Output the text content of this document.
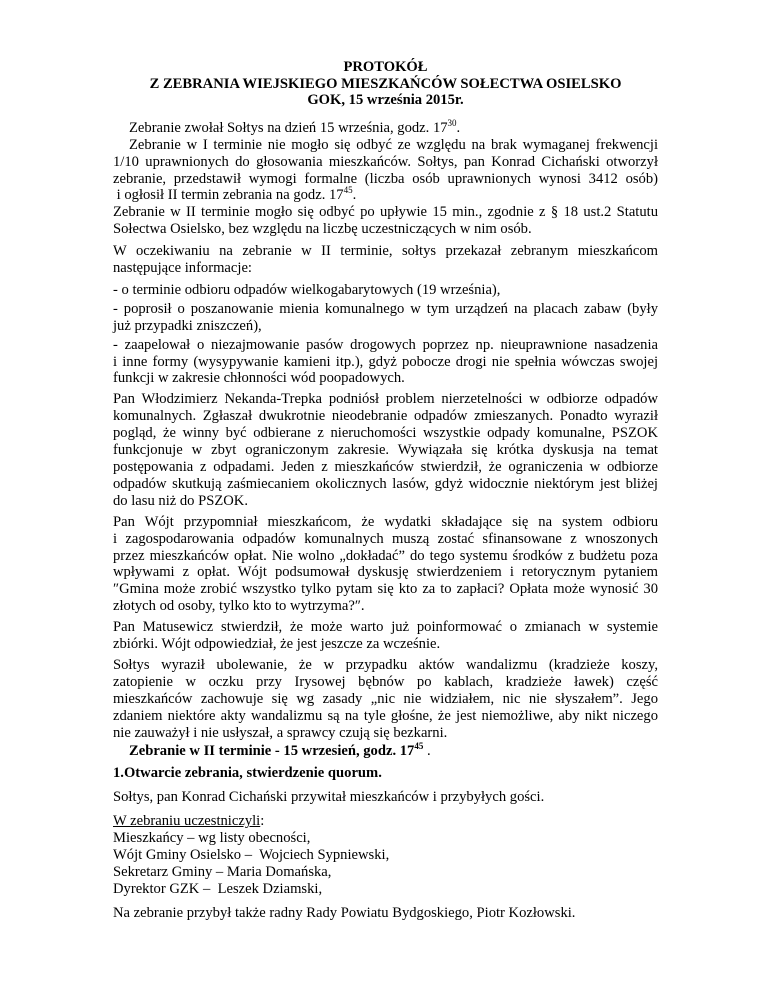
PROTOKÓŁ
Z ZEBRANIA WIEJSKIEGO MIESZKAŃCÓW SOŁECTWA OSIELSKO
GOK, 15 września 2015r.

Zebranie zwołał Sołtys na dzień 15 września, godz. $17^{30}$.

Zebranie w I terminie nie mogło się odbyć ze względu na brak wymaganej frekwencji

1/10 uprawnionych do głosowania mieszkańców. Sołtys, pan Konrad Cichański otworzył

zebranie, przedstawił wymogi formalne (liczba osób uprawnionych wynosi 3412 osób)

i ogłosił II termin zebrania na godz. $17^{45}$.

Zebranie w II terminie mogło się odbyć po upływie 15 min., zgodnie z § 18 ust.2 Statutu

Sołectwa Osielsko, bez względu na liczbę uczestniczących w nim osób.

W oczekiwaniu na zebranie w II terminie, sołtys przekazał zebranym mieszkańcom

następujące informacje:

- o terminie odbioru odpadów wielkogabarytowych (19 września),

- poprosił o poszanowanie mienia komunalnego w tym urządzeń na placach zabaw (były

już przypadki zniszczeń),

- zaapelował o niezajmowanie pasów drogowych poprzez np. nieuprawnione nasadzenia

i inne formy (wysypywanie kamieni itp.), gdyż pobocze drogi nie spełnia wówczas swojej

funkcji w zakresie chłonności wód poopadowych.

Pan Włodzimierz Nekanda-Trepka podniósł problem nierzetelności w odbiorze odpadów

komunalnych. Zgłaszał dwukrotnie nieodebranie odpadów zmieszanych. Ponadto wyraził

pogląd, że winny być odbierane z nieruchomości wszystkie odpady komunalne, PSZOK

funkcjonuje w zbyt ograniczonym zakresie. Wywiązała się krótka dyskusja na temat

postępowania z odpadami. Jeden z mieszkańców stwierdził, że ograniczenia w odbiorze

odpadów skutkują zaśmiecaniem okolicznych lasów, gdyż widocznie niektórym jest bliżej

do lasu niż do PSZOK.

Pan Wójt przypomniał mieszkańcom, że wydatki składające się na system odbioru

i zagospodarowania odpadów komunalnych muszą zostać sfinansowane z wnoszonych

przez mieszkańców opłat. Nie wolno „dokładać” do tego systemu środków z budżetu poza

wpływami z opłat. Wójt podsumował dyskusję stwierdzeniem i retorycznym pytaniem

″Gmina może zrobić wszystko tylko pytam się kto za to zapłaci? Opłata może wynosić 30

złotych od osoby, tylko kto to wytrzyma?″.

Pan Matusewicz stwierdził, że może warto już poinformować o zmianach w systemie

zbiórki. Wójt odpowiedział, że jest jeszcze za wcześnie.

Sołtys wyraził ubolewanie, że w przypadku aktów wandalizmu (kradzieże koszy,

zatopienie w oczku przy Irysowej bębnów po kablach, kradzieże ławek) część

mieszkańców zachowuje się wg zasady „nic nie widziałem, nic nie słyszałem”. Jego

zdaniem niektóre akty wandalizmu są na tyle głośne, że jest niemożliwe, aby nikt niczego

nie zauważył i nie usłyszał, a sprawcy czują się bezkarni.

Zebranie w II terminie - 15 wrzesień, godz. $17^{45}$ .

1.Otwarcie zebrania, stwierdzenie quorum.

Sołtys, pan Konrad Cichański przywitał mieszkańców i przybyłych gości.

W zebraniu uczestniczyli:

Mieszkańcy – wg listy obecności,

Wójt Gminy Osielsko –  Wojciech Sypniewski,

Sekretarz Gminy – Maria Domańska,

Dyrektor GZK –  Leszek Dziamski,

Na zebranie przybył także radny Rady Powiatu Bydgoskiego, Piotr Kozłowski.
